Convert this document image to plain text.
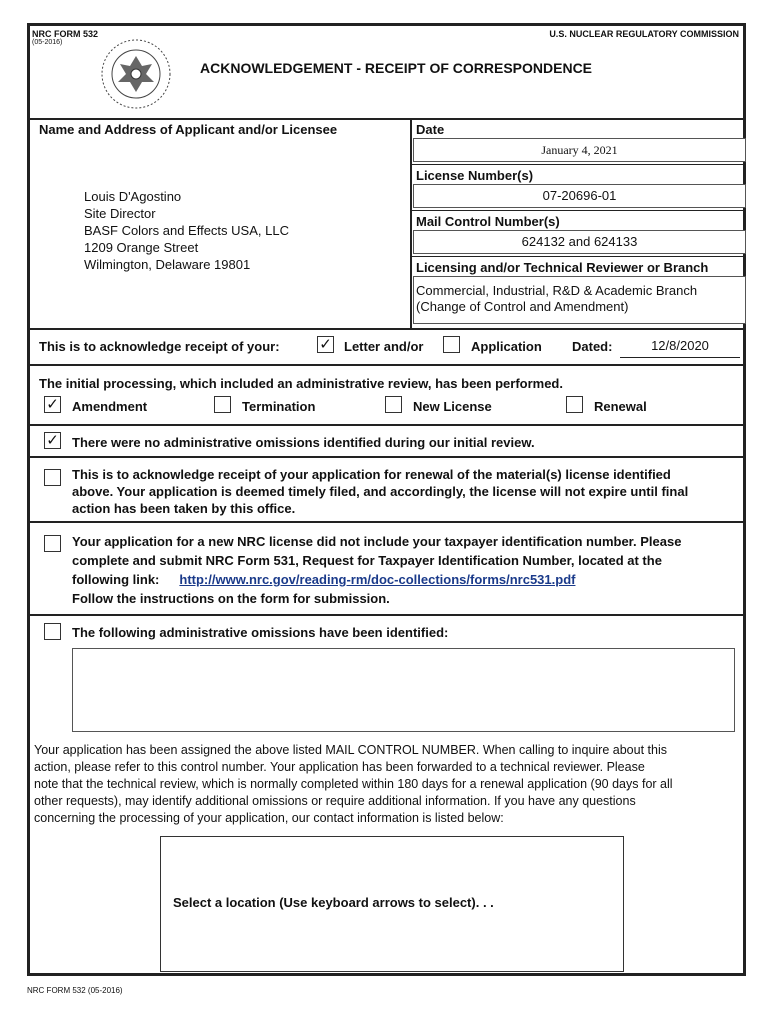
NRC FORM 532
(05-2016)
U.S. NUCLEAR REGULATORY COMMISSION
ACKNOWLEDGEMENT - RECEIPT OF CORRESPONDENCE
Name and Address of Applicant and/or Licensee
Louis D'Agostino
Site Director
BASF Colors and Effects USA, LLC
1209 Orange Street
Wilmington, Delaware 19801
Date
January 4, 2021
License Number(s)
07-20696-01
Mail Control Number(s)
624132 and 624133
Licensing and/or Technical Reviewer or Branch
Commercial, Industrial, R&D & Academic Branch
(Change of Control and Amendment)
This is to acknowledge receipt of your:	✓ Letter and/or	Application Dated:	12/8/2020
The initial processing, which included an administrative review, has been performed.
✓ Amendment	Termination	New License	Renewal
✓ There were no administrative omissions identified during our initial review.
This is to acknowledge receipt of your application for renewal of the material(s) license identified
above. Your application is deemed timely filed, and accordingly, the license will not expire until final
action has been taken by this office.
Your application for a new NRC license did not include your taxpayer identification number. Please
complete and submit NRC Form 531, Request for Taxpayer Identification Number, located at the
following link: http://www.nrc.gov/reading-rm/doc-collections/forms/nrc531.pdf
Follow the instructions on the form for submission.
The following administrative omissions have been identified:
Your application has been assigned the above listed MAIL CONTROL NUMBER. When calling to inquire about this
action, please refer to this control number. Your application has been forwarded to a technical reviewer. Please
note that the technical review, which is normally completed within 180 days for a renewal application (90 days for all
other requests), may identify additional omissions or require additional information. If you have any questions
concerning the processing of your application, our contact information is listed below:
Select a location (Use keyboard arrows to select). . .
NRC FORM 532 (05-2016)
